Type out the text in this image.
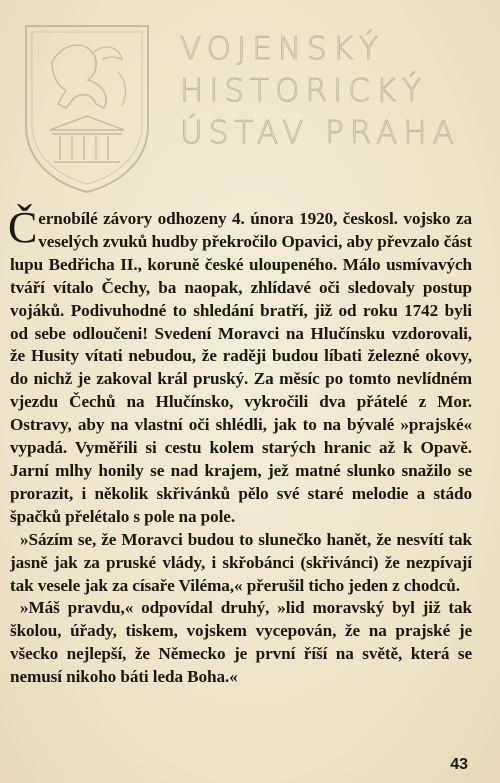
VOJENSKÝ
HISTORICKÝ
ÚSTAV PRAHA

Černobílé závory odhozeny 4. února 1920, českosl. vojsko za veselých zvuků hudby překročilo Opavici, aby převzalo část lupu Bedřicha II., koruně české uloupeného. Málo usmívavých tváří vítalo Čechy, ba naopak, zhlídavé oči sledovaly postup vojáků. Podivuhodné to shledání bratří, již od roku 1742 byli od sebe odloučeni! Svedení Moravci na Hlučínsku vzdorovali, že Husity vítati nebudou, že raději budou líbati železné okovy, do nichž je zakoval král pruský. Za měsíc po tomto nevlídném vjezdu Čechů na Hlučínsko, vykročili dva přátelé z Mor. Ostravy, aby na vlastní oči shlédli, jak to na bývalé »prajské« vypadá. Vyměřili si cestu kolem starých hranic až k Opavě. Jarní mlhy honily se nad krajem, jež matné slunko snažilo se prorazit, i několik skřivánků pělo své staré melodie a stádo špačků přelétalo s pole na pole.

»Sázím se, že Moravci budou to slunečko hanět, že nesvítí tak jasně jak za pruské vlády, i skřobánci (skřivánci) že nezpívají tak vesele jak za císaře Viléma,« přerušil ticho jeden z chodců.

»Máš pravdu,« odpovídal druhý, »lid moravský byl již tak školou, úřady, tiskem, vojskem vycepován, že na prajské je všecko nejlepší, že Německo je první říší na světě, která se nemusí nikoho báti leda Boha.«

43
